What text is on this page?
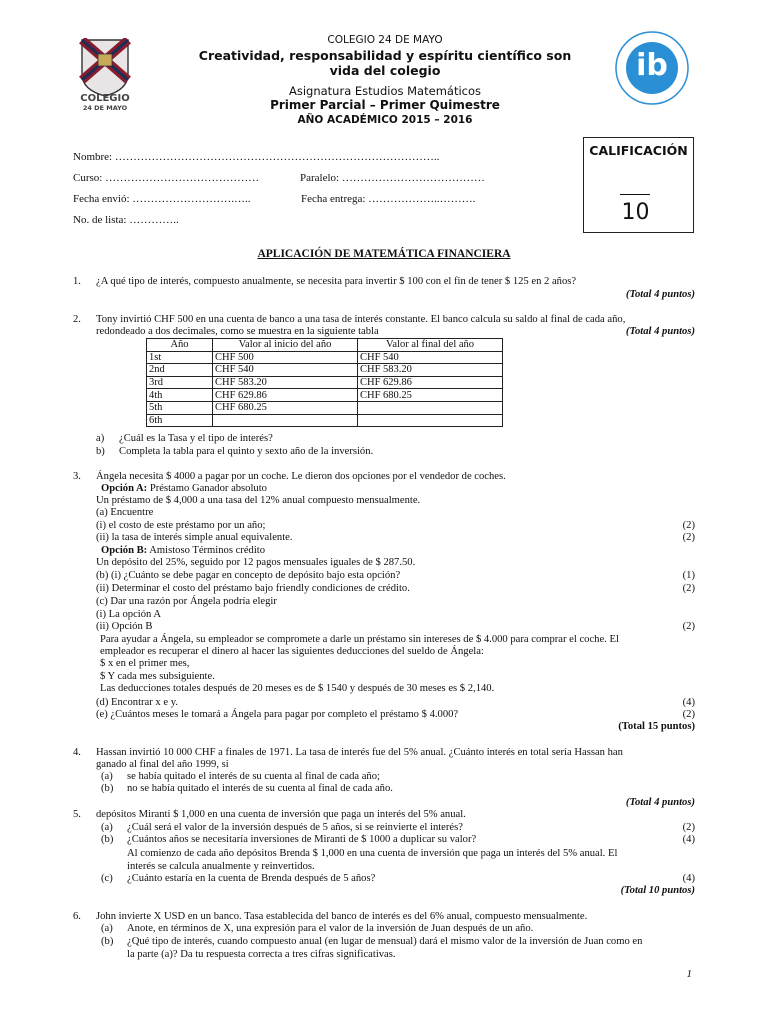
COLEGIO
24 DE MAYO
ib
COLEGIO 24 DE MAYO
Creatividad, responsabilidad y espíritu científico son
vida del colegio
Asignatura Estudios Matemáticos
Primer Parcial – Primer Quimestre
AÑO ACADÉMICO 2015 – 2016
CALIFICACIÓN
10
Nombre: ……………………………………………………………………………..
Curso: ……………………………………	Paralelo: …………………………………
Fecha envió: ……………………….…..	Fecha entrega: ………………..……….
No. de lista: …………..
APLICACIÓN DE MATEMÁTICA FINANCIERA
1. ¿A qué tipo de interés, compuesto anualmente, se necesita para invertir $ 100 con el fin de tener $ 125 en 2 años?
(Total 4 puntos)
2. Tony invirtió CHF 500 en una cuenta de banco a una tasa de interés constante. El banco calcula su saldo al final de cada año,
redondeado a dos decimales, como se muestra en la siguiente tabla	(Total 4 puntos)
Año	Valor al inicio del año	Valor al final del año
1st	CHF 500	CHF 540
2nd	CHF 540	CHF 583.20
3rd	CHF 583.20	CHF 629.86
4th	CHF 629.86	CHF 680.25
5th	CHF 680.25	
6th		
a) ¿Cuál es la Tasa y el tipo de interés?
b) Completa la tabla para el quinto y sexto año de la inversión.
3. Ángela necesita $ 4000 a pagar por un coche. Le dieron dos opciones por el vendedor de coches.
Opción A: Préstamo Ganador absoluto
Un préstamo de $ 4,000 a una tasa del 12% anual compuesto mensualmente.
(a) Encuentre
(i) el costo de este préstamo por un año;	(2)
(ii) la tasa de interés simple anual equivalente.	(2)
Opción B: Amistoso Términos crédito
Un depósito del 25%, seguido por 12 pagos mensuales iguales de $ 287.50.
(b) (i) ¿Cuánto se debe pagar en concepto de depósito bajo esta opción?	(1)
(ii) Determinar el costo del préstamo bajo friendly condiciones de crédito.	(2)
(c) Dar una razón por Ángela podría elegir
(i) La opción A
(ii) Opción B	(2)
Para ayudar a Ángela, su empleador se compromete a darle un préstamo sin intereses de $ 4.000 para comprar el coche. El
empleador es recuperar el dinero al hacer las siguientes deducciones del sueldo de Ángela:
$ x en el primer mes,
$ Y cada mes subsiguiente.
Las deducciones totales después de 20 meses es de $ 1540 y después de 30 meses es $ 2,140.
(d) Encontrar x e y.	(4)
(e) ¿Cuántos meses le tomará a Ángela para pagar por completo el préstamo $ 4.000?	(2)
(Total 15 puntos)
4. Hassan invirtió 10 000 CHF a finales de 1971. La tasa de interés fue del 5% anual. ¿Cuánto interés en total sería Hassan han
ganado al final del año 1999, si
(a) se había quitado el interés de su cuenta al final de cada año;
(b) no se había quitado el interés de su cuenta al final de cada año.
(Total 4 puntos)
5. depósitos Miranti $ 1,000 en una cuenta de inversión que paga un interés del 5% anual.
(a) ¿Cuál será el valor de la inversión después de 5 años, si se reinvierte el interés?	(2)
(b) ¿Cuántos años se necesitaría inversiones de Miranti de $ 1000 a duplicar su valor?	(4)
Al comienzo de cada año depósitos Brenda $ 1,000 en una cuenta de inversión que paga un interés del 5% anual. El
interés se calcula anualmente y reinvertidos.
(c) ¿Cuánto estaría en la cuenta de Brenda después de 5 años?	(4)
(Total 10 puntos)
6. John invierte X USD en un banco. Tasa establecida del banco de interés es del 6% anual, compuesto mensualmente.
(a) Anote, en términos de X, una expresión para el valor de la inversión de Juan después de un año.
(b) ¿Qué tipo de interés, cuando compuesto anual (en lugar de mensual) dará el mismo valor de la inversión de Juan como en
la parte (a)? Da tu respuesta correcta a tres cifras significativas.
1
